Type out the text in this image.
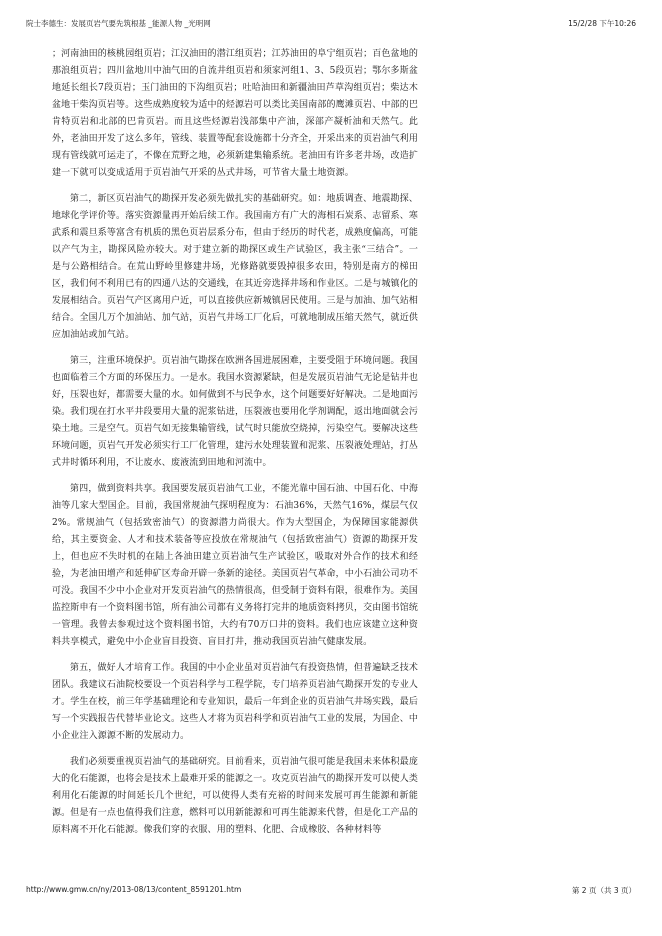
院士李德生：发展页岩气要先筑根基 _能源人物 _光明网	15/2/28 下午10:26

；河南油田的核桃园组页岩；江汉油田的潜江组页岩；江苏油田的阜宁组页岩；百色盆地的那浪组页岩；四川盆地川中油气田的自流井组页岩和须家河组1、3、5段页岩；鄂尔多斯盆地延长组长7段页岩；玉门油田的下沟组页岩；吐哈油田和新疆油田芦草沟组页岩；柴达木盆地干柴沟页岩等。这些成熟度较为适中的烃源岩可以类比美国南部的鹰滩页岩、中部的巴肯特页岩和北部的巴肯页岩。而且这些烃源岩浅部集中产油，深部产凝析油和天然气。此外，老油田开发了这么多年，管线、装置等配套设施都十分齐全，开采出来的页岩油气利用现有管线就可运走了，不像在荒野之地，必须新建集输系统。老油田有许多老井场，改造扩建一下就可以变成适用于页岩油气开采的丛式井场，可节省大量土地资源。

第二，新区页岩油气的勘探开发必须先做扎实的基础研究。如：地质调查、地震勘探、地球化学评价等。落实资源量再开始后续工作。我国南方有广大的海相石炭系、志留系、寒武系和震旦系等富含有机质的黑色页岩层系分布，但由于经历的时代老，成熟度偏高，可能以产气为主，勘探风险亦较大。对于建立新的勘探区或生产试验区，我主张“三结合”。一是与公路相结合。在荒山野岭里修建井场，光修路就要毁掉很多农田，特别是南方的梯田区，我们何不利用已有的四通八达的交通线，在其近旁选择井场和作业区。二是与城镇化的发展相结合。页岩气产区离用户近，可以直接供应新城镇居民使用。三是与加油、加气站相结合。全国几万个加油站、加气站，页岩气井场工厂化后，可就地制成压缩天然气，就近供应加油站或加气站。

第三，注重环境保护。页岩油气勘探在欧洲各国进展困难，主要受阻于环境问题。我国也面临着三个方面的环保压力。一是水。我国水资源紧缺，但是发展页岩油气无论是钻井也好，压裂也好，都需要大量的水。如何做到不与民争水，这个问题要好好解决。二是地面污染。我们现在打水平井段要用大量的泥浆钻进，压裂液也要用化学剂调配，返出地面就会污染土地。三是空气。页岩气如无接集输管线，试气时只能放空烧掉，污染空气。要解决这些环境问题，页岩气开发必须实行工厂化管理，建污水处理装置和泥浆、压裂液处理站，打丛式井时循环利用，不让废水、废液流到田地和河流中。

第四，做到资料共享。我国要发展页岩油气工业，不能光靠中国石油、中国石化、中海油等几家大型国企。目前，我国常规油气探明程度为：石油36%，天然气16%，煤层气仅2%。常规油气（包括致密油气）的资源潜力尚很大。作为大型国企，为保障国家能源供给，其主要资金、人才和技术装备等应投放在常规油气（包括致密油气）资源的勘探开发上，但也应不失时机的在陆上各油田建立页岩油气生产试验区，吸取对外合作的技术和经验，为老油田增产和延伸矿区寿命开辟一条新的途径。美国页岩气革命，中小石油公司功不可没。我国不少中小企业对开发页岩油气的热情很高，但受制于资料有限，很难作为。美国监控斯申有一个资料图书馆，所有油公司都有义务将打完井的地质资料拷贝，交由图书馆统一管理。我曾去参观过这个资料图书馆，大约有70万口井的资料。我们也应该建立这种资料共享模式，避免中小企业盲目投资、盲目打井，推动我国页岩油气健康发展。

第五，做好人才培育工作。我国的中小企业虽对页岩油气有投资热情，但普遍缺乏技术团队。我建议石油院校要设一个页岩科学与工程学院，专门培养页岩油气勘探开发的专业人才。学生在校，前三年学基础理论和专业知识，最后一年到企业的页岩油气井场实践，最后写一个实践报告代替毕业论文。这些人才将为页岩科学和页岩油气工业的发展，为国企、中小企业注入源源不断的发展动力。

我们必须要重视页岩油气的基础研究。目前看来，页岩油气很可能是我国未来体积最庞大的化石能源，也将会是技术上最难开采的能源之一。攻克页岩油气的勘探开发可以使人类利用化石能源的时间延长几个世纪，可以使得人类有充裕的时间来发展可再生能源和新能源。但是有一点也值得我们注意，燃料可以用新能源和可再生能源来代替，但是化工产品的原料离不开化石能源。像我们穿的衣服、用的塑料、化肥、合成橡胶、各种材料等

http://www.gmw.cn/ny/2013-08/13/content_8591201.htm	第 2 页（共 3 页）
